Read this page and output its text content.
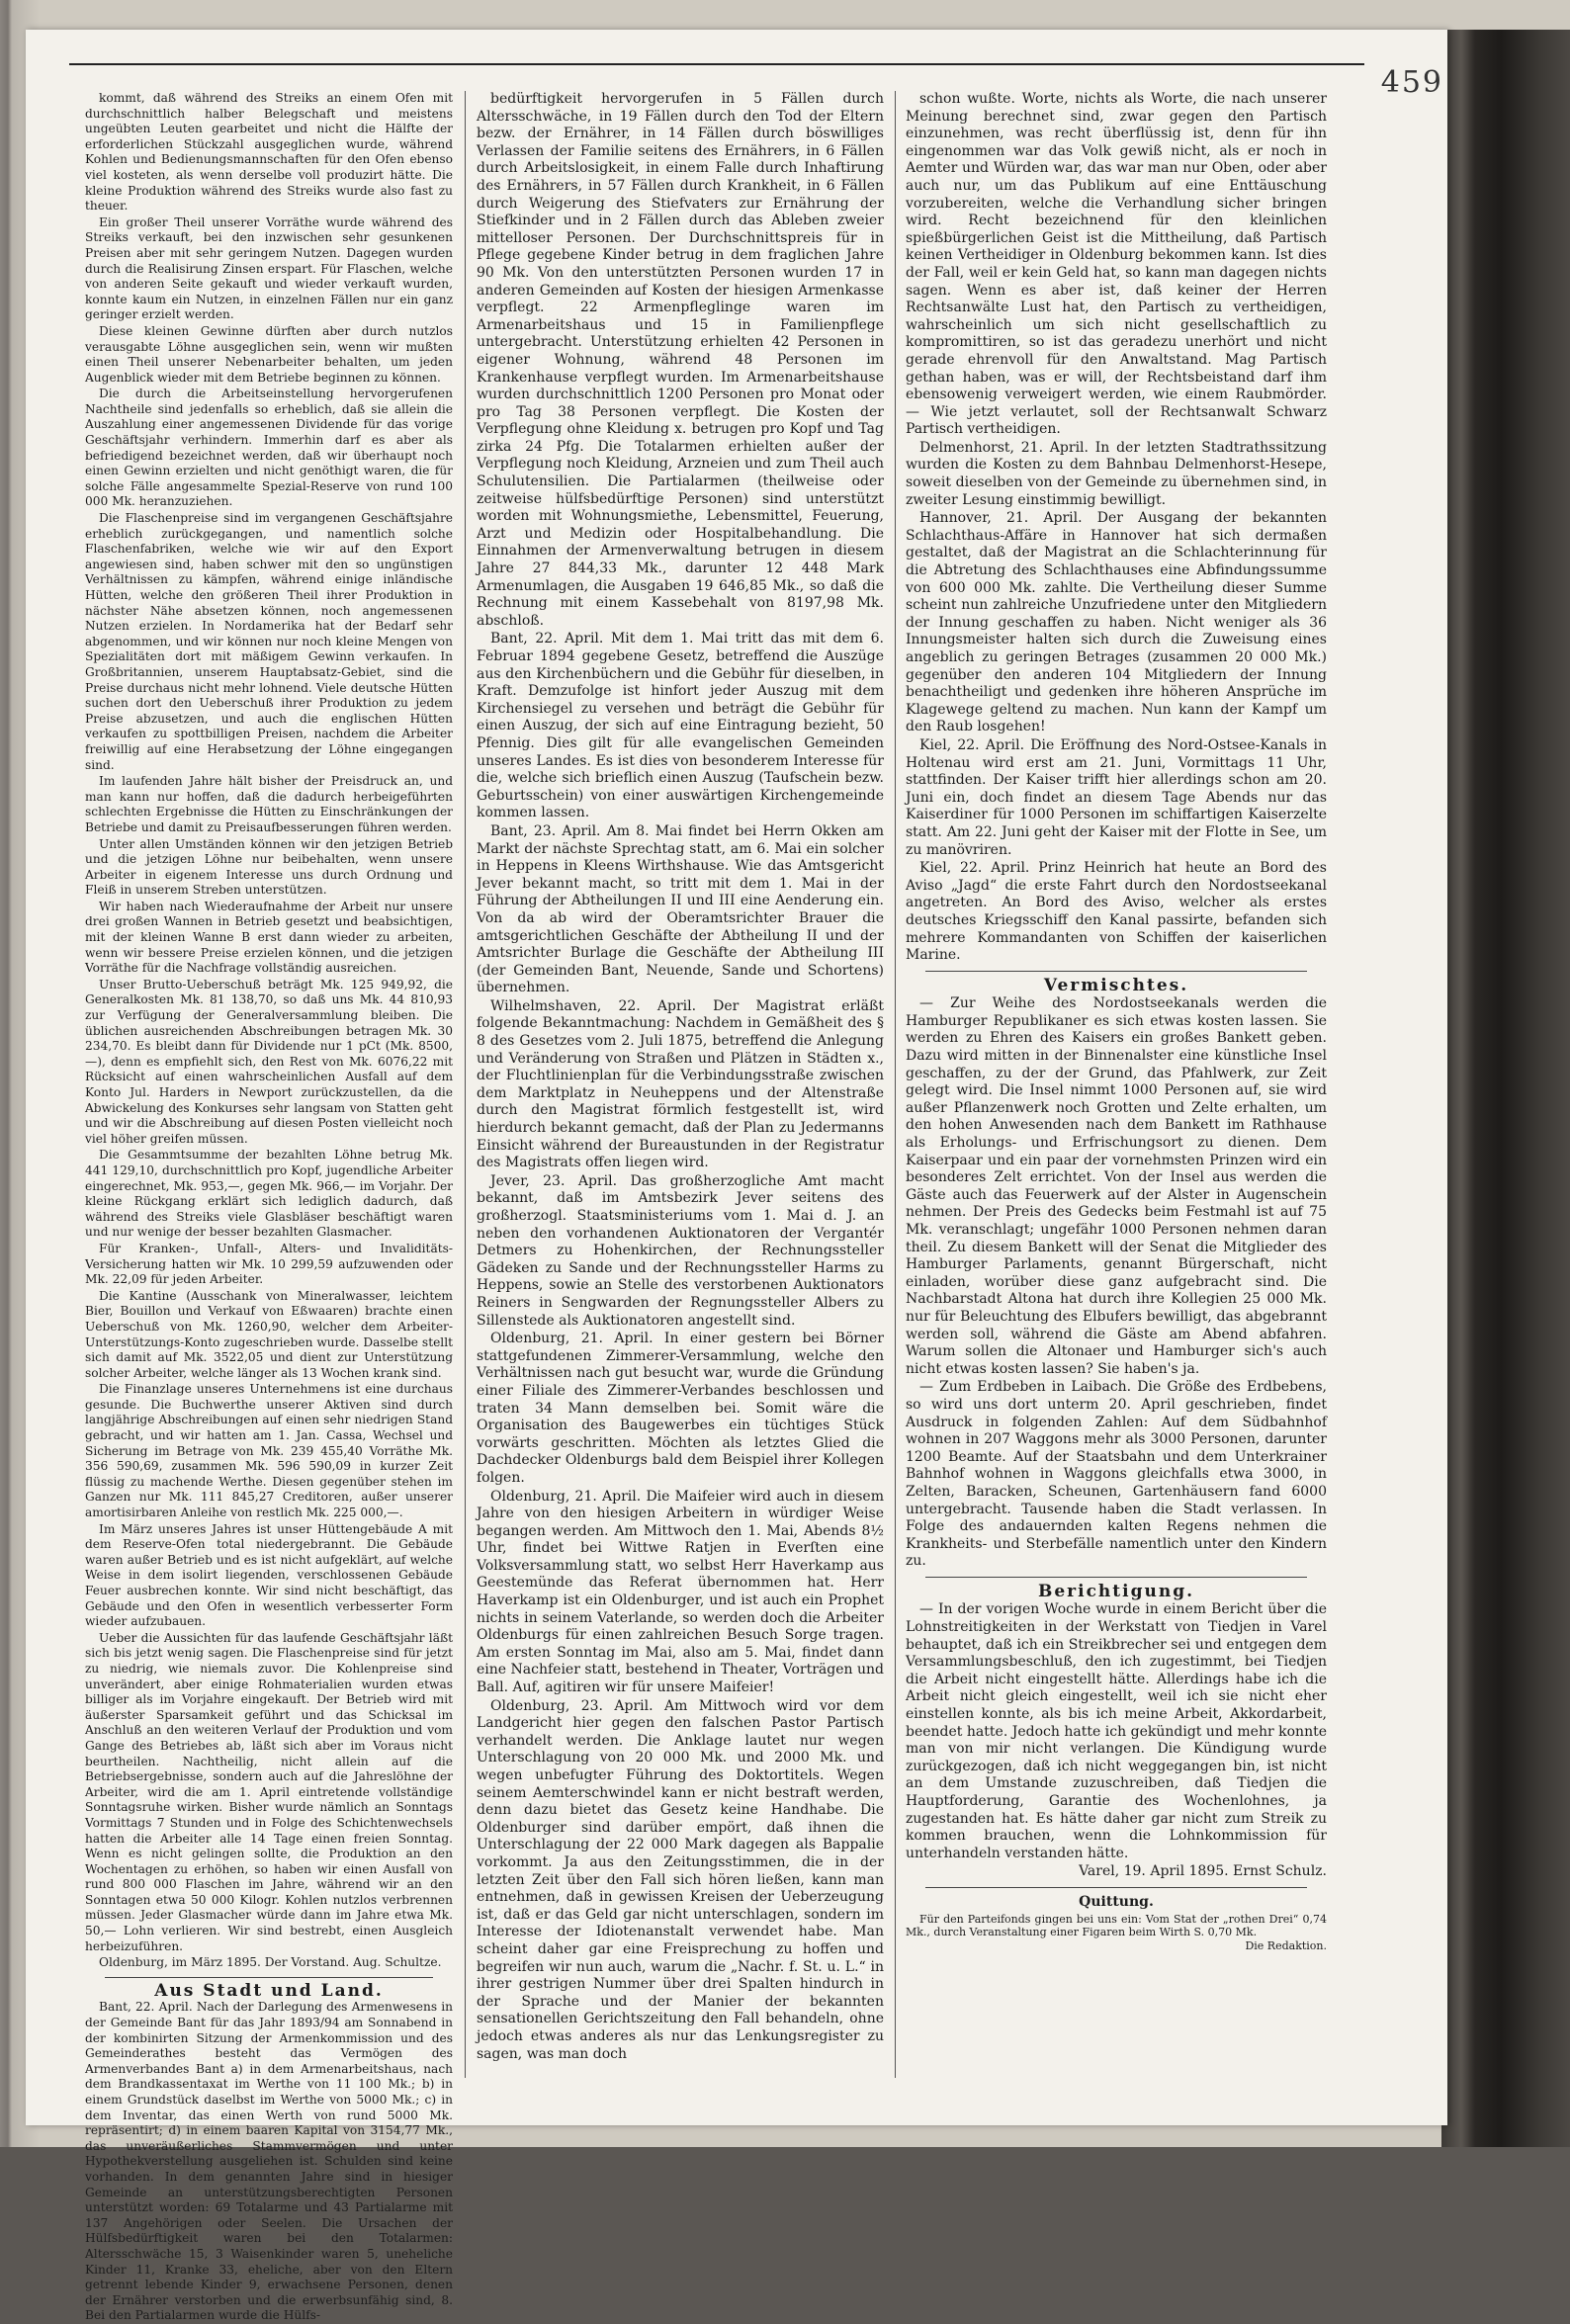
459

kommt, daß während des Streiks an einem Ofen mit durchschnittlich halber Belegschaft und meistens ungeübten Leuten gearbeitet und nicht die Hälfte der erforderlichen Stückzahl ausgeglichen wurde, während Kohlen und Bedienungsmannschaften für den Ofen ebenso viel kosteten, als wenn derselbe voll produzirt hätte. Die kleine Produktion während des Streiks wurde also fast zu theuer.

Ein großer Theil unserer Vorräthe wurde während des Streiks verkauft, bei den inzwischen sehr gesunkenen Preisen aber mit sehr geringem Nutzen. Dagegen wurden durch die Realisirung Zinsen erspart. Für Flaschen, welche von anderen Seite gekauft und wieder verkauft wurden, konnte kaum ein Nutzen, in einzelnen Fällen nur ein ganz geringer erzielt werden.

Diese kleinen Gewinne dürften aber durch nutzlos verausgabte Löhne ausgeglichen sein, wenn wir mußten einen Theil unserer Nebenarbeiter behalten, um jeden Augenblick wieder mit dem Betriebe beginnen zu können.

Die durch die Arbeitseinstellung hervorgerufenen Nachtheile sind jedenfalls so erheblich, daß sie allein die Auszahlung einer angemessenen Dividende für das vorige Geschäftsjahr verhindern. Immerhin darf es aber als befriedigend bezeichnet werden, daß wir überhaupt noch einen Gewinn erzielten und nicht genöthigt waren, die für solche Fälle angesammelte Spezial-Reserve von rund 100 000 Mk. heranzuziehen.

Die Flaschenpreise sind im vergangenen Geschäftsjahre erheblich zurückgegangen, und namentlich solche Flaschenfabriken, welche wie wir auf den Export angewiesen sind, haben schwer mit den so ungünstigen Verhältnissen zu kämpfen, während einige inländische Hütten, welche den größeren Theil ihrer Produktion in nächster Nähe absetzen können, noch angemessenen Nutzen erzielen. In Nordamerika hat der Bedarf sehr abgenommen, und wir können nur noch kleine Mengen von Spezialitäten dort mit mäßigem Gewinn verkaufen. In Großbritannien, unserem Hauptabsatz-Gebiet, sind die Preise durchaus nicht mehr lohnend. Viele deutsche Hütten suchen dort den Ueberschuß ihrer Produktion zu jedem Preise abzusetzen, und auch die englischen Hütten verkaufen zu spottbilligen Preisen, nachdem die Arbeiter freiwillig auf eine Herabsetzung der Löhne eingegangen sind.

Im laufenden Jahre hält bisher der Preisdruck an, und man kann nur hoffen, daß die dadurch herbeigeführten schlechten Ergebnisse die Hütten zu Einschränkungen der Betriebe und damit zu Preisaufbesserungen führen werden.

Unter allen Umständen können wir den jetzigen Betrieb und die jetzigen Löhne nur beibehalten, wenn unsere Arbeiter in eigenem Interesse uns durch Ordnung und Fleiß in unserem Streben unterstützen.

Wir haben nach Wiederaufnahme der Arbeit nur unsere drei großen Wannen in Betrieb gesetzt und beabsichtigen, mit der kleinen Wanne B erst dann wieder zu arbeiten, wenn wir bessere Preise erzielen können, und die jetzigen Vorräthe für die Nachfrage vollständig ausreichen.

Unser Brutto-Ueberschuß beträgt Mk. 125 949,92, die Generalkosten Mk. 81 138,70, so daß uns Mk. 44 810,93 zur Verfügung der Generalversammlung bleiben. Die üblichen ausreichenden Abschreibungen betragen Mk. 30 234,70. Es bleibt dann für Dividende nur 1 pCt (Mk. 8500,—), denn es empfiehlt sich, den Rest von Mk. 6076,22 mit Rücksicht auf einen wahrscheinlichen Ausfall auf dem Konto Jul. Harders in Newport zurückzustellen, da die Abwickelung des Konkurses sehr langsam von Statten geht und wir die Abschreibung auf diesen Posten vielleicht noch viel höher greifen müssen.

Die Gesammtsumme der bezahlten Löhne betrug Mk. 441 129,10, durchschnittlich pro Kopf, jugendliche Arbeiter eingerechnet, Mk. 953,—, gegen Mk. 966,— im Vorjahr. Der kleine Rückgang erklärt sich lediglich dadurch, daß während des Streiks viele Glasbläser beschäftigt waren und nur wenige der besser bezahlten Glasmacher.

Für Kranken-, Unfall-, Alters- und Invaliditäts-Versicherung hatten wir Mk. 10 299,59 aufzuwenden oder Mk. 22,09 für jeden Arbeiter.

Die Kantine (Ausschank von Mineralwasser, leichtem Bier, Bouillon und Verkauf von Eßwaaren) brachte einen Ueberschuß von Mk. 1260,90, welcher dem Arbeiter-Unterstützungs-Konto zugeschrieben wurde. Dasselbe stellt sich damit auf Mk. 3522,05 und dient zur Unterstützung solcher Arbeiter, welche länger als 13 Wochen krank sind.

Die Finanzlage unseres Unternehmens ist eine durchaus gesunde. Die Buchwerthe unserer Aktiven sind durch langjährige Abschreibungen auf einen sehr niedrigen Stand gebracht, und wir hatten am 1. Jan. Cassa, Wechsel und Sicherung im Betrage von Mk. 239 455,40 Vorräthe Mk. 356 590,69, zusammen Mk. 596 590,09 in kurzer Zeit flüssig zu machende Werthe. Diesen gegenüber stehen im Ganzen nur Mk. 111 845,27 Creditoren, außer unserer amortisirbaren Anleihe von restlich Mk. 225 000,—.

Im März unseres Jahres ist unser Hüttengebäude A mit dem Reserve-Ofen total niedergebrannt. Die Gebäude waren außer Betrieb und es ist nicht aufgeklärt, auf welche Weise in dem isolirt liegenden, verschlossenen Gebäude Feuer ausbrechen konnte. Wir sind nicht beschäftigt, das Gebäude und den Ofen in wesentlich verbesserter Form wieder aufzubauen.

Ueber die Aussichten für das laufende Geschäftsjahr läßt sich bis jetzt wenig sagen. Die Flaschenpreise sind für jetzt zu niedrig, wie niemals zuvor. Die Kohlenpreise sind unverändert, aber einige Rohmaterialien wurden etwas billiger als im Vorjahre eingekauft. Der Betrieb wird mit äußerster Sparsamkeit geführt und das Schicksal im Anschluß an den weiteren Verlauf der Produktion und vom Gange des Betriebes ab, läßt sich aber im Voraus nicht beurtheilen. Nachtheilig, nicht allein auf die Betriebsergebnisse, sondern auch auf die Jahreslöhne der Arbeiter, wird die am 1. April eintretende vollständige Sonntagsruhe wirken. Bisher wurde nämlich an Sonntags Vormittags 7 Stunden und in Folge des Schichtenwechsels hatten die Arbeiter alle 14 Tage einen freien Sonntag. Wenn es nicht gelingen sollte, die Produktion an den Wochentagen zu erhöhen, so haben wir einen Ausfall von rund 800 000 Flaschen im Jahre, während wir an den Sonntagen etwa 50 000 Kilogr. Kohlen nutzlos verbrennen müssen. Jeder Glasmacher würde dann im Jahre etwa Mk. 50,— Lohn verlieren. Wir sind bestrebt, einen Ausgleich herbeizuführen.

Oldenburg, im März 1895. Der Vorstand. Aug. Schultze.

Aus Stadt und Land.

Bant, 22. April. Nach der Darlegung des Armenwesens in der Gemeinde Bant für das Jahr 1893/94 am Sonnabend in der kombinirten Sitzung der Armenkommission und des Gemeinderathes besteht das Vermögen des Armenverbandes Bant a) in dem Armenarbeitshaus, nach dem Brandkassentaxat im Werthe von 11 100 Mk.; b) in einem Grundstück daselbst im Werthe von 5000 Mk.; c) in dem Inventar, das einen Werth von rund 5000 Mk. repräsentirt; d) in einem baaren Kapital von 3154,77 Mk., das unveräußerliches Stammvermögen und unter Hypothekverstellung ausgeliehen ist. Schulden sind keine vorhanden. In dem genannten Jahre sind in hiesiger Gemeinde an unterstützungsberechtigten Personen unterstützt worden: 69 Totalarme und 43 Partialarme mit 137 Angehörigen oder Seelen. Die Ursachen der Hülfsbedürftigkeit waren bei den Totalarmen: Altersschwäche 15, 3 Waisenkinder waren 5, uneheliche Kinder 11, Kranke 33, eheliche, aber von den Eltern getrennt lebende Kinder 9, erwachsene Personen, denen der Ernährer verstorben und die erwerbsunfähig sind, 8. Bei den Partialarmen wurde die Hülfs-

bedürftigkeit hervorgerufen in 5 Fällen durch Altersschwäche, in 19 Fällen durch den Tod der Eltern bezw. der Ernährer, in 14 Fällen durch böswilliges Verlassen der Familie seitens des Ernährers, in 6 Fällen durch Arbeitslosigkeit, in einem Falle durch Inhaftirung des Ernährers, in 57 Fällen durch Krankheit, in 6 Fällen durch Weigerung des Stiefvaters zur Ernährung der Stiefkinder und in 2 Fällen durch das Ableben zweier mittelloser Personen. Der Durchschnittspreis für in Pflege gegebene Kinder betrug in dem fraglichen Jahre 90 Mk. Von den unterstützten Personen wurden 17 in anderen Gemeinden auf Kosten der hiesigen Armenkasse verpflegt. 22 Armenpfleglinge waren im Armenarbeitshaus und 15 in Familienpflege untergebracht. Unterstützung erhielten 42 Personen in eigener Wohnung, während 48 Personen im Krankenhause verpflegt wurden. Im Armenarbeitshause wurden durchschnittlich 1200 Personen pro Monat oder pro Tag 38 Personen verpflegt. Die Kosten der Verpflegung ohne Kleidung x. betrugen pro Kopf und Tag zirka 24 Pfg. Die Totalarmen erhielten außer der Verpflegung noch Kleidung, Arzneien und zum Theil auch Schulutensilien. Die Partialarmen (theilweise oder zeitweise hülfsbedürftige Personen) sind unterstützt worden mit Wohnungsmiethe, Lebensmittel, Feuerung, Arzt und Medizin oder Hospitalbehandlung. Die Einnahmen der Armenverwaltung betrugen in diesem Jahre 27 844,33 Mk., darunter 12 448 Mark Armenumlagen, die Ausgaben 19 646,85 Mk., so daß die Rechnung mit einem Kassebehalt von 8197,98 Mk. abschloß.

Bant, 22. April. Mit dem 1. Mai tritt das mit dem 6. Februar 1894 gegebene Gesetz, betreffend die Auszüge aus den Kirchenbüchern und die Gebühr für dieselben, in Kraft. Demzufolge ist hinfort jeder Auszug mit dem Kirchensiegel zu versehen und beträgt die Gebühr für einen Auszug, der sich auf eine Eintragung bezieht, 50 Pfennig. Dies gilt für alle evangelischen Gemeinden unseres Landes. Es ist dies von besonderem Interesse für die, welche sich brieflich einen Auszug (Taufschein bezw. Geburtsschein) von einer auswärtigen Kirchengemeinde kommen lassen.

Bant, 23. April. Am 8. Mai findet bei Herrn Okken am Markt der nächste Sprechtag statt, am 6. Mai ein solcher in Heppens in Kleens Wirthshause. Wie das Amtsgericht Jever bekannt macht, so tritt mit dem 1. Mai in der Führung der Abtheilungen II und III eine Aenderung ein. Von da ab wird der Oberamtsrichter Brauer die amtsgerichtlichen Geschäfte der Abtheilung II und der Amtsrichter Burlage die Geschäfte der Abtheilung III (der Gemeinden Bant, Neuende, Sande und Schortens) übernehmen.

Wilhelmshaven, 22. April. Der Magistrat erläßt folgende Bekanntmachung: Nachdem in Gemäßheit des § 8 des Gesetzes vom 2. Juli 1875, betreffend die Anlegung und Veränderung von Straßen und Plätzen in Städten x., der Fluchtlinienplan für die Verbindungsstraße zwischen dem Marktplatz in Neuheppens und der Altenstraße durch den Magistrat förmlich festgestellt ist, wird hierdurch bekannt gemacht, daß der Plan zu Jedermanns Einsicht während der Bureaustunden in der Registratur des Magistrats offen liegen wird.

Jever, 23. April. Das großherzogliche Amt macht bekannt, daß im Amtsbezirk Jever seitens des großherzogl. Staatsministeriums vom 1. Mai d. J. an neben den vorhandenen Auktionatoren der Vergantér Detmers zu Hohenkirchen, der Rechnungssteller Gädeken zu Sande und der Rechnungssteller Harms zu Heppens, sowie an Stelle des verstorbenen Auktionators Reiners in Sengwarden der Regnungssteller Albers zu Sillenstede als Auktionatoren angestellt sind.

Oldenburg, 21. April. In einer gestern bei Börner stattgefundenen Zimmerer-Versammlung, welche den Verhältnissen nach gut besucht war, wurde die Gründung einer Filiale des Zimmerer-Verbandes beschlossen und traten 34 Mann demselben bei. Somit wäre die Organisation des Baugewerbes ein tüchtiges Stück vorwärts geschritten. Möchten als letztes Glied die Dachdecker Oldenburgs bald dem Beispiel ihrer Kollegen folgen.

Oldenburg, 21. April. Die Maifeier wird auch in diesem Jahre von den hiesigen Arbeitern in würdiger Weise begangen werden. Am Mittwoch den 1. Mai, Abends 8½ Uhr, findet bei Wittwe Ratjen in Everſten eine Volksversammlung statt, wo selbst Herr Haverkamp aus Geestemünde das Referat übernommen hat. Herr Haverkamp ist ein Oldenburger, und ist auch ein Prophet nichts in seinem Vaterlande, so werden doch die Arbeiter Oldenburgs für einen zahlreichen Besuch Sorge tragen. Am ersten Sonntag im Mai, also am 5. Mai, findet dann eine Nachfeier statt, bestehend in Theater, Vorträgen und Ball. Auf, agitiren wir für unsere Maifeier!

Oldenburg, 23. April. Am Mittwoch wird vor dem Landgericht hier gegen den falschen Pastor Partisch verhandelt werden. Die Anklage lautet nur wegen Unterschlagung von 20 000 Mk. und 2000 Mk. und wegen unbefugter Führung des Doktortitels. Wegen seinem Aemterschwindel kann er nicht bestraft werden, denn dazu bietet das Gesetz keine Handhabe. Die Oldenburger sind darüber empört, daß ihnen die Unterschlagung der 22 000 Mark dagegen als Bappalie vorkommt. Ja aus den Zeitungsstimmen, die in der letzten Zeit über den Fall sich hören ließen, kann man entnehmen, daß in gewissen Kreisen der Ueberzeugung ist, daß er das Geld gar nicht unterschlagen, sondern im Interesse der Idiotenanstalt verwendet habe. Man scheint daher gar eine Freisprechung zu hoffen und begreifen wir nun auch, warum die „Nachr. f. St. u. L.“ in ihrer gestrigen Nummer über drei Spalten hindurch in der Sprache und der Manier der bekannten sensationellen Gerichtszeitung den Fall behandeln, ohne jedoch etwas anderes als nur das Lenkungsregister zu sagen, was man doch

schon wußte. Worte, nichts als Worte, die nach unserer Meinung berechnet sind, zwar gegen den Partisch einzunehmen, was recht überflüssig ist, denn für ihn eingenommen war das Volk gewiß nicht, als er noch in Aemter und Würden war, das war man nur Oben, oder aber auch nur, um das Publikum auf eine Enttäuschung vorzubereiten, welche die Verhandlung sicher bringen wird. Recht bezeichnend für den kleinlichen spießbürgerlichen Geist ist die Mittheilung, daß Partisch keinen Vertheidiger in Oldenburg bekommen kann. Ist dies der Fall, weil er kein Geld hat, so kann man dagegen nichts sagen. Wenn es aber ist, daß keiner der Herren Rechtsanwälte Lust hat, den Partisch zu vertheidigen, wahrscheinlich um sich nicht gesellschaftlich zu kompromittiren, so ist das geradezu unerhört und nicht gerade ehrenvoll für den Anwaltstand. Mag Partisch gethan haben, was er will, der Rechtsbeistand darf ihm ebensowenig verweigert werden, wie einem Raubmörder. — Wie jetzt verlautet, soll der Rechtsanwalt Schwarz Partisch vertheidigen.

Delmenhorst, 21. April. In der letzten Stadtrathssitzung wurden die Kosten zu dem Bahnbau Delmenhorst-Hesepe, soweit dieselben von der Gemeinde zu übernehmen sind, in zweiter Lesung einstimmig bewilligt.

Hannover, 21. April. Der Ausgang der bekannten Schlachthaus-Affäre in Hannover hat sich dermaßen gestaltet, daß der Magistrat an die Schlachterinnung für die Abtretung des Schlachthauses eine Abfindungssumme von 600 000 Mk. zahlte. Die Vertheilung dieser Summe scheint nun zahlreiche Unzufriedene unter den Mitgliedern der Innung geschaffen zu haben. Nicht weniger als 36 Innungsmeister halten sich durch die Zuweisung eines angeblich zu geringen Betrages (zusammen 20 000 Mk.) gegenüber den anderen 104 Mitgliedern der Innung benachtheiligt und gedenken ihre höheren Ansprüche im Klagewege geltend zu machen. Nun kann der Kampf um den Raub losgehen!

Kiel, 22. April. Die Eröffnung des Nord-Ostsee-Kanals in Holtenau wird erst am 21. Juni, Vormittags 11 Uhr, stattfinden. Der Kaiser trifft hier allerdings schon am 20. Juni ein, doch findet an diesem Tage Abends nur das Kaiserdiner für 1000 Personen im schiffartigen Kaiserzelte statt. Am 22. Juni geht der Kaiser mit der Flotte in See, um zu manövriren.

Kiel, 22. April. Prinz Heinrich hat heute an Bord des Aviso „Jagd“ die erste Fahrt durch den Nordostseekanal angetreten. An Bord des Aviso, welcher als erstes deutsches Kriegsschiff den Kanal passirte, befanden sich mehrere Kommandanten von Schiffen der kaiserlichen Marine.

Vermischtes.

— Zur Weihe des Nordostseekanals werden die Hamburger Republikaner es sich etwas kosten lassen. Sie werden zu Ehren des Kaisers ein großes Bankett geben. Dazu wird mitten in der Binnenalster eine künstliche Insel geschaffen, zu der der Grund, das Pfahlwerk, zur Zeit gelegt wird. Die Insel nimmt 1000 Personen auf, sie wird außer Pflanzenwerk noch Grotten und Zelte erhalten, um den hohen Anwesenden nach dem Bankett im Rathhause als Erholungs- und Erfrischungsort zu dienen. Dem Kaiserpaar und ein paar der vornehmsten Prinzen wird ein besonderes Zelt errichtet. Von der Insel aus werden die Gäste auch das Feuerwerk auf der Alster in Augenschein nehmen. Der Preis des Gedecks beim Festmahl ist auf 75 Mk. veranschlagt; ungefähr 1000 Personen nehmen daran theil. Zu diesem Bankett will der Senat die Mitglieder des Hamburger Parlaments, genannt Bürgerschaft, nicht einladen, worüber diese ganz aufgebracht sind. Die Nachbarstadt Altona hat durch ihre Kollegien 25 000 Mk. nur für Beleuchtung des Elbufers bewilligt, das abgebrannt werden soll, während die Gäste am Abend abfahren. Warum sollen die Altonaer und Hamburger sich's auch nicht etwas kosten lassen? Sie haben's ja.

— Zum Erdbeben in Laibach. Die Größe des Erdbebens, so wird uns dort unterm 20. April geschrieben, findet Ausdruck in folgenden Zahlen: Auf dem Südbahnhof wohnen in 207 Waggons mehr als 3000 Personen, darunter 1200 Beamte. Auf der Staatsbahn und dem Unterkrainer Bahnhof wohnen in Waggons gleichfalls etwa 3000, in Zelten, Baracken, Scheunen, Gartenhäusern fand 6000 untergebracht. Tausende haben die Stadt verlassen. In Folge des andauernden kalten Regens nehmen die Krankheits- und Sterbefälle namentlich unter den Kindern zu.

Berichtigung.

— In der vorigen Woche wurde in einem Bericht über die Lohnstreitigkeiten in der Werkstatt von Tiedjen in Varel behauptet, daß ich ein Streikbrecher sei und entgegen dem Versammlungsbeschluß, den ich zugestimmt, bei Tiedjen die Arbeit nicht eingestellt hätte. Allerdings habe ich die Arbeit nicht gleich eingestellt, weil ich sie nicht eher einstellen konnte, als bis ich meine Arbeit, Akkordarbeit, beendet hatte. Jedoch hatte ich gekündigt und mehr konnte man von mir nicht verlangen. Die Kündigung wurde zurückgezogen, daß ich nicht weggegangen bin, ist nicht an dem Umstande zuzuschreiben, daß Tiedjen die Hauptforderung, Garantie des Wochenlohnes, ja zugestanden hat. Es hätte daher gar nicht zum Streik zu kommen brauchen, wenn die Lohnkommission für unterhandeln verstanden hätte.

Varel, 19. April 1895. Ernst Schulz.

Quittung.

Für den Parteifonds gingen bei uns ein: Vom Stat der „rothen Drei“ 0,74 Mk., durch Veranstaltung einer Figaren beim Wirth S. 0,70 Mk.

Die Redaktion.
